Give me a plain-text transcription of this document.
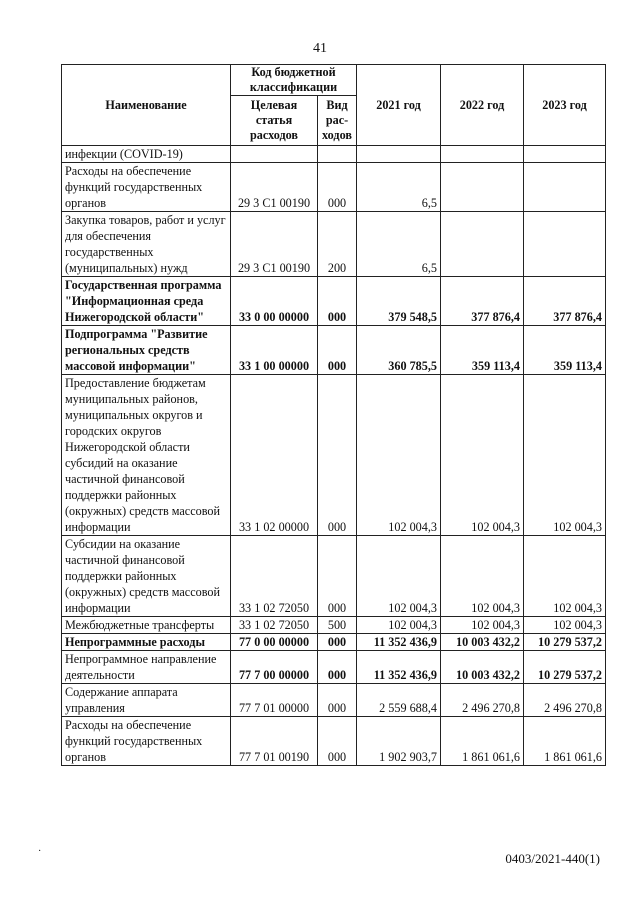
41
Наименование	Код бюджетной классификации		2021 год	2022 год	2023 год
	Целевая статья расходов	Вид рас-ходов			
инфекции (COVID-19)					
Расходы на обеспечение функций государственных органов	29 3 C1 00190	000	6,5		
Закупка товаров, работ и услуг для обеспечения государственных (муниципальных) нужд	29 3 C1 00190	200	6,5		
Государственная программа "Информационная среда Нижегородской области"	33 0 00 00000	000	379 548,5	377 876,4	377 876,4
Подпрограмма "Развитие региональных средств массовой информации"	33 1 00 00000	000	360 785,5	359 113,4	359 113,4
Предоставление бюджетам муниципальных районов, муниципальных округов и городских округов Нижегородской области субсидий на оказание частичной финансовой поддержки районных (окружных) средств массовой информации	33 1 02 00000	000	102 004,3	102 004,3	102 004,3
Субсидии на оказание частичной финансовой поддержки районных (окружных) средств массовой информации	33 1 02 72050	000	102 004,3	102 004,3	102 004,3
Межбюджетные трансферты	33 1 02 72050	500	102 004,3	102 004,3	102 004,3
Непрограммные расходы	77 0 00 00000	000	11 352 436,9	10 003 432,2	10 279 537,2
Непрограммное направление деятельности	77 7 00 00000	000	11 352 436,9	10 003 432,2	10 279 537,2
Содержание аппарата управления	77 7 01 00000	000	2 559 688,4	2 496 270,8	2 496 270,8
Расходы на обеспечение функций государственных органов	77 7 01 00190	000	1 902 903,7	1 861 061,6	1 861 061,6
·	0403/2021-440(1)
